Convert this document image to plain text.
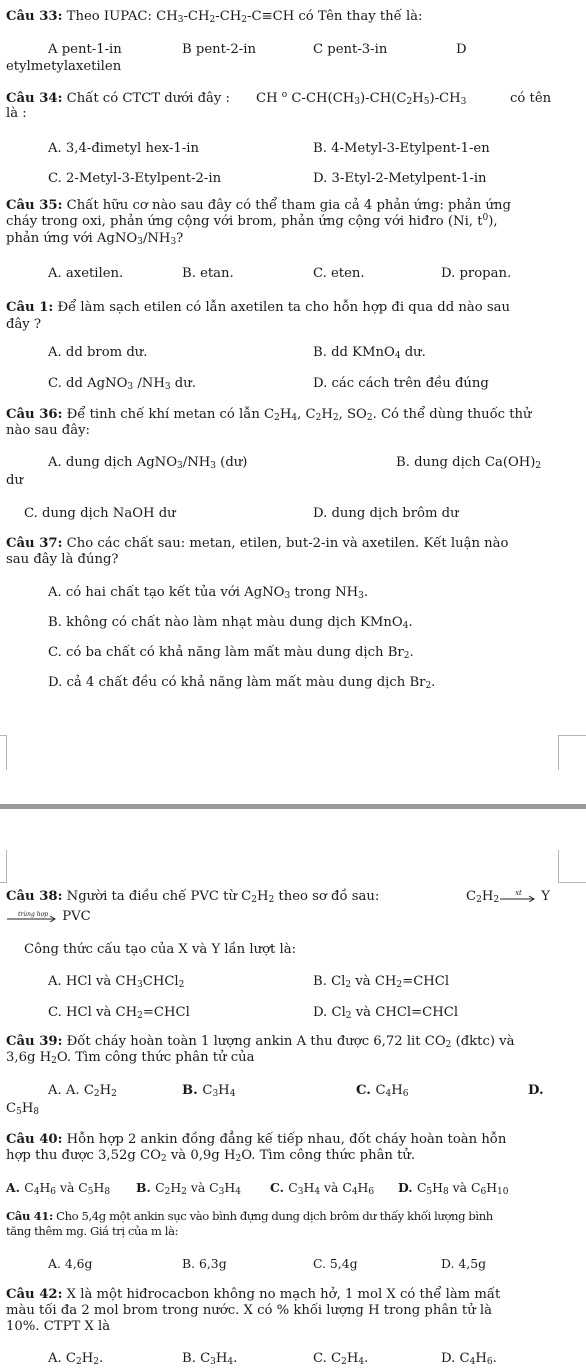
Câu 33: Theo IUPAC: $CH_3-CH_2-CH_2-C\equiv CH$ có Tên thay thế là:
A pent-1-in	B pent-2-in	C pent-3-in	D
etylmetylaxetilen
Câu 34: Chất có CTCT dưới đây : CH $^o$ $C-CH(CH_3)-CH(C_2H_5)-CH_3$	có tên
là :
A. 3,4-đimetyl hex-1-in	B. 4-Metyl-3-Etylpent-1-en
C. 2-Metyl-3-Etylpent-2-in	D. 3-Etyl-2-Metylpent-1-in
Câu 35: Chất hữu cơ nào sau đây có thể tham gia cả 4 phản ứng: phản ứng
cháy trong oxi, phản ứng cộng với brom, phản ứng cộng với hiđro (Ni, $t^0$),
phản ứng với $AgNO_3/NH_3$?
A. axetilen.	B. etan.	C. eten.	D. propan.
Câu 1: Để làm sạch etilen có lẫn axetilen ta cho hỗn hợp đi qua dd nào sau
đây ?
A. dd brom dư.	B. dd KMnO$_4$ dư.
C. dd AgNO$_3$ $/NH_3$ dư.	D. các cách trên đều đúng
Câu 36: Để tinh chế khí metan có lẫn $C_2H_4$, $C_2H_2$, $SO_2$. Có thể dùng thuốc thử
nào sau đây:
A. dung dịch $AgNO_3/NH_3$ (dư)	B. dung dịch $Ca(OH)_2$
dư
C. dung dịch NaOH dư	D. dung dịch brôm dư
Câu 37: Cho các chất sau: metan, etilen, but-2-in và axetilen. Kết luận nào
sau đây là đúng?
A. có hai chất tạo kết tủa với AgNO$_3$ trong $NH_3$.
B. không có chất nào làm nhạt màu dung dịch KMnO$_4$.
C. có ba chất có khả năng làm mất màu dung dịch $Br_2$.
D. cả 4 chất đều có khả năng làm mất màu dung dịch $Br_2$.
Câu 38: Người ta điều chế PVC từ $C_2H_2$ theo sơ đồ sau:	$C_2H_2$
xt Y
trùng hợp PVC
Công thức cấu tạo của X và Y lần lượt là:
A. HCl và $CH_3CHCl_2$	B. $Cl_2$ và $CH_2=CHCl$
C. HCl và $CH_2=CHCl$	D. $Cl_2$ và CHCl=CHCl
Câu 39: Đốt cháy hoàn toàn 1 lượng ankin A thu được 6,72 lit $CO_2$ (đktc) và
3,6g $H_2O$. Tìm công thức phân tử của
A. A. $C_2H_2$	B. $C_3H_4$	C. $C_4H_6$	D.
$C_5H_8$
Câu 40: Hỗn hợp 2 ankin đồng đẳng kế tiếp nhau, đốt cháy hoàn toàn hỗn
hợp thu được 3,52g $CO_2$ và 0,9g $H_2O$. Tìm công thức phân tử.
A. $C_4H_6$ và $C_5H_8$ B. $C_2H_2$ và $C_3H_4$ C. $C_3H_4$ và $C_4H_6$ D. $C_5H_8$ và $C_6H_{10}$
Câu 41: Cho 5,4g một ankin sục vào bình đựng dung dịch brôm dư thấy khối lượng bình
tăng thêm mg. Giá trị của m là:
A. 4,6g	B. 6,3g	C. 5,4g	D. 4,5g
Câu 42: X là một hiđrocacbon không no mạch hở, 1 mol X có thể làm mất
màu tối đa 2 mol brom trong nước. X có % khối lượng H trong phân tử là
10%. CTPT X là
A. $C_2H_2$.	B. $C_3H_4$.	C. $C_2H_4$.	D. $C_4H_6$.
